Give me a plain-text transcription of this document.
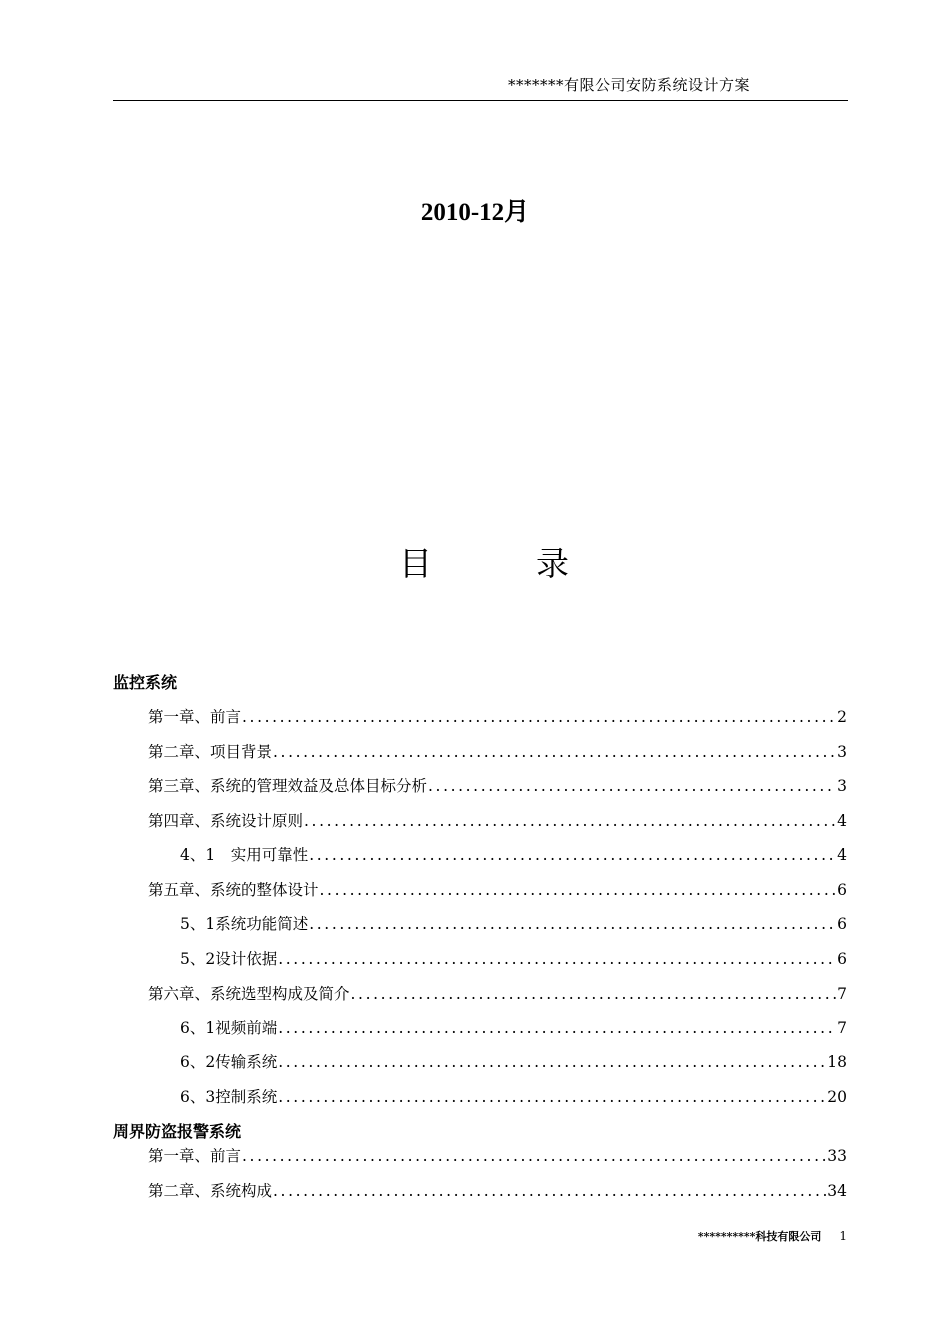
*******有限公司安防系统设计方案
2010-12月
目	录
监控系统
第一章、前言 .....	2
第二章、项目背景 .....	3
第三章、系统的管理效益及总体目标分析 .....	3
第四章、系统设计原则 .....	4
4、1　实用可靠性 .....	4
第五章、系统的整体设计 .....	6
5、1系统功能简述 .....	6
5、2设计依据 .....	6
第六章、系统选型构成及简介 .....	7
6、1视频前端 .....	7
6、2传输系统 .....	18
6、3控制系统 .....	20
周界防盗报警系统
第一章、前言 .....	33
第二章、系统构成 .....	34
**********科技有限公司 1
